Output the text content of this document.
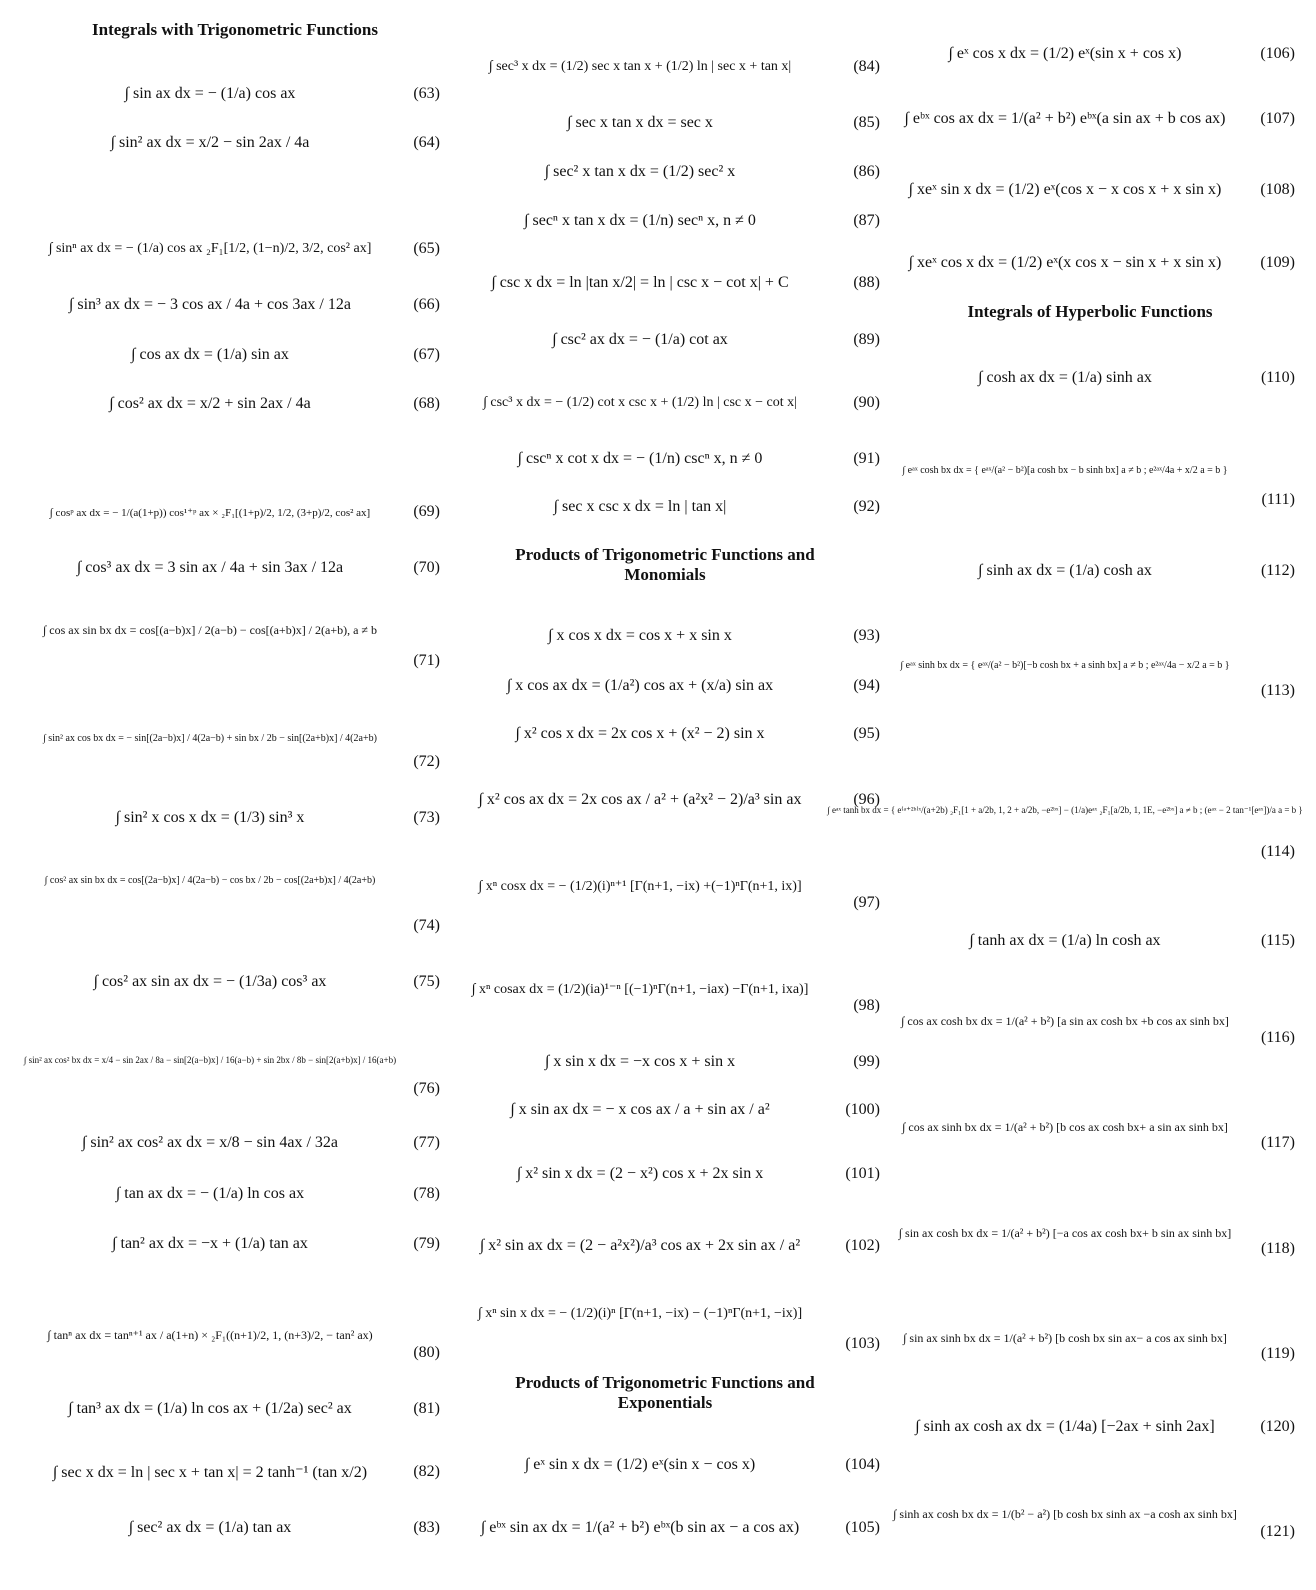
Integrals with Trigonometric Functions
∫ sin ax dx = − (1/a) cos ax	(63)
∫ sin² ax dx = x/2 − sin 2ax / 4a	(64)
∫ sinⁿ ax dx = − (1/a) cos ax ₂F₁[1/2, (1−n)/2, 3/2, cos² ax]	(65)
∫ sin³ ax dx = − 3 cos ax / 4a + cos 3ax / 12a	(66)
∫ cos ax dx = (1/a) sin ax	(67)
∫ cos² ax dx = x/2 + sin 2ax / 4a	(68)
∫ cosᵖ ax dx = − 1/(a(1+p)) cos¹⁺ᵖ ax × ₂F₁[(1+p)/2, 1/2, (3+p)/2, cos² ax]	(69)
∫ cos³ ax dx = 3 sin ax / 4a + sin 3ax / 12a	(70)
∫ cos ax sin bx dx = cos[(a−b)x] / 2(a−b) − cos[(a+b)x] / 2(a+b), a ≠ b
(71)
∫ sin² ax cos bx dx = − sin[(2a−b)x] / 4(2a−b) + sin bx / 2b − sin[(2a+b)x] / 4(2a+b)
(72)
∫ sin² x cos x dx = (1/3) sin³ x	(73)
∫ cos² ax sin bx dx = cos[(2a−b)x] / 4(2a−b) − cos bx / 2b − cos[(2a+b)x] / 4(2a+b)
(74)
∫ cos² ax sin ax dx = − (1/3a) cos³ ax	(75)
∫ sin² ax cos² bx dx = x/4 − sin 2ax / 8a − sin[2(a−b)x] / 16(a−b) + sin 2bx / 8b − sin[2(a+b)x] / 16(a+b)
(76)
∫ sin² ax cos² ax dx = x/8 − sin 4ax / 32a	(77)
∫ tan ax dx = − (1/a) ln cos ax	(78)
∫ tan² ax dx = −x + (1/a) tan ax	(79)
∫ tanⁿ ax dx = tanⁿ⁺¹ ax / a(1+n) × ₂F₁((n+1)/2, 1, (n+3)/2, − tan² ax)
(80)
∫ tan³ ax dx = (1/a) ln cos ax + (1/2a) sec² ax	(81)
∫ sec x dx = ln | sec x + tan x| = 2 tanh⁻¹ (tan x/2)	(82)
∫ sec² ax dx = (1/a) tan ax	(83)
Products of Trigonometric Functions and Monomials
Products of Trigonometric Functions and Exponentials
∫ sec³ x dx = (1/2) sec x tan x + (1/2) ln | sec x + tan x|	(84)
∫ sec x tan x dx = sec x	(85)
∫ sec² x tan x dx = (1/2) sec² x	(86)
∫ secⁿ x tan x dx = (1/n) secⁿ x, n ≠ 0	(87)
∫ csc x dx = ln |tan x/2| = ln | csc x − cot x| + C	(88)
∫ csc² ax dx = − (1/a) cot ax	(89)
∫ csc³ x dx = − (1/2) cot x csc x + (1/2) ln | csc x − cot x|	(90)
∫ cscⁿ x cot x dx = − (1/n) cscⁿ x, n ≠ 0	(91)
∫ sec x csc x dx = ln | tan x|	(92)
∫ x cos x dx = cos x + x sin x	(93)
∫ x cos ax dx = (1/a²) cos ax + (x/a) sin ax	(94)
∫ x² cos x dx = 2x cos x + (x² − 2) sin x	(95)
∫ x² cos ax dx = 2x cos ax / a² + (a²x² − 2)/a³ sin ax	(96)
∫ xⁿ cosx dx = − (1/2)(i)ⁿ⁺¹ [Γ(n+1, −ix) +(−1)ⁿΓ(n+1, ix)]
(97)
∫ xⁿ cosax dx = (1/2)(ia)¹⁻ⁿ [(−1)ⁿΓ(n+1, −iax) −Γ(n+1, ixa)]
(98)
∫ x sin x dx = −x cos x + sin x	(99)
∫ x sin ax dx = − x cos ax / a + sin ax / a²	(100)
∫ x² sin x dx = (2 − x²) cos x + 2x sin x	(101)
∫ x² sin ax dx = (2 − a²x²)/a³ cos ax + 2x sin ax / a²	(102)
∫ xⁿ sin x dx = − (1/2)(i)ⁿ [Γ(n+1, −ix) − (−1)ⁿΓ(n+1, −ix)]
(103)
∫ eˣ sin x dx = (1/2) eˣ(sin x − cos x)	(104)
∫ eᵇˣ sin ax dx = 1/(a² + b²) eᵇˣ(b sin ax − a cos ax)	(105)
Integrals of Hyperbolic Functions
∫ eˣ cos x dx = (1/2) eˣ(sin x + cos x)	(106)
∫ eᵇˣ cos ax dx = 1/(a² + b²) eᵇˣ(a sin ax + b cos ax)	(107)
∫ xeˣ sin x dx = (1/2) eˣ(cos x − x cos x + x sin x)	(108)
∫ xeˣ cos x dx = (1/2) eˣ(x cos x − sin x + x sin x)	(109)
∫ cosh ax dx = (1/a) sinh ax	(110)
∫ eᵃˣ cosh bx dx = { eᵃˣ/(a² − b²)[a cosh bx − b sinh bx] a ≠ b ; e²ᵃˣ/4a + x/2 a = b }
(111)
∫ sinh ax dx = (1/a) cosh ax	(112)
∫ eᵃˣ sinh bx dx = { eᵃˣ/(a² − b²)[−b cosh bx + a sinh bx] a ≠ b ; e²ᵃˣ/4a − x/2 a = b }
(113)
∫ eᵃˣ tanh bx dx = { e⁽ᵃ⁺²ᵇ⁾ˣ/(a+2b) ₂F₁[1 + a/2b, 1, 2 + a/2b, −e²ᵇˣ] − (1/a)eᵃˣ ₂F₁[a/2b, 1, 1E, −e²ᵇˣ] a ≠ b ; (eᵃˣ − 2 tan⁻¹[eᵃˣ])/a a = b }
(114)
∫ tanh ax dx = (1/a) ln cosh ax	(115)
∫ cos ax cosh bx dx = 1/(a² + b²) [a sin ax cosh bx +b cos ax sinh bx]
(116)
∫ cos ax sinh bx dx = 1/(a² + b²) [b cos ax cosh bx+ a sin ax sinh bx]
(117)
∫ sin ax cosh bx dx = 1/(a² + b²) [−a cos ax cosh bx+ b sin ax sinh bx]
(118)
∫ sin ax sinh bx dx = 1/(a² + b²) [b cosh bx sin ax− a cos ax sinh bx]
(119)
∫ sinh ax cosh ax dx = (1/4a) [−2ax + sinh 2ax]	(120)
∫ sinh ax cosh bx dx = 1/(b² − a²) [b cosh bx sinh ax −a cosh ax sinh bx]
(121)
